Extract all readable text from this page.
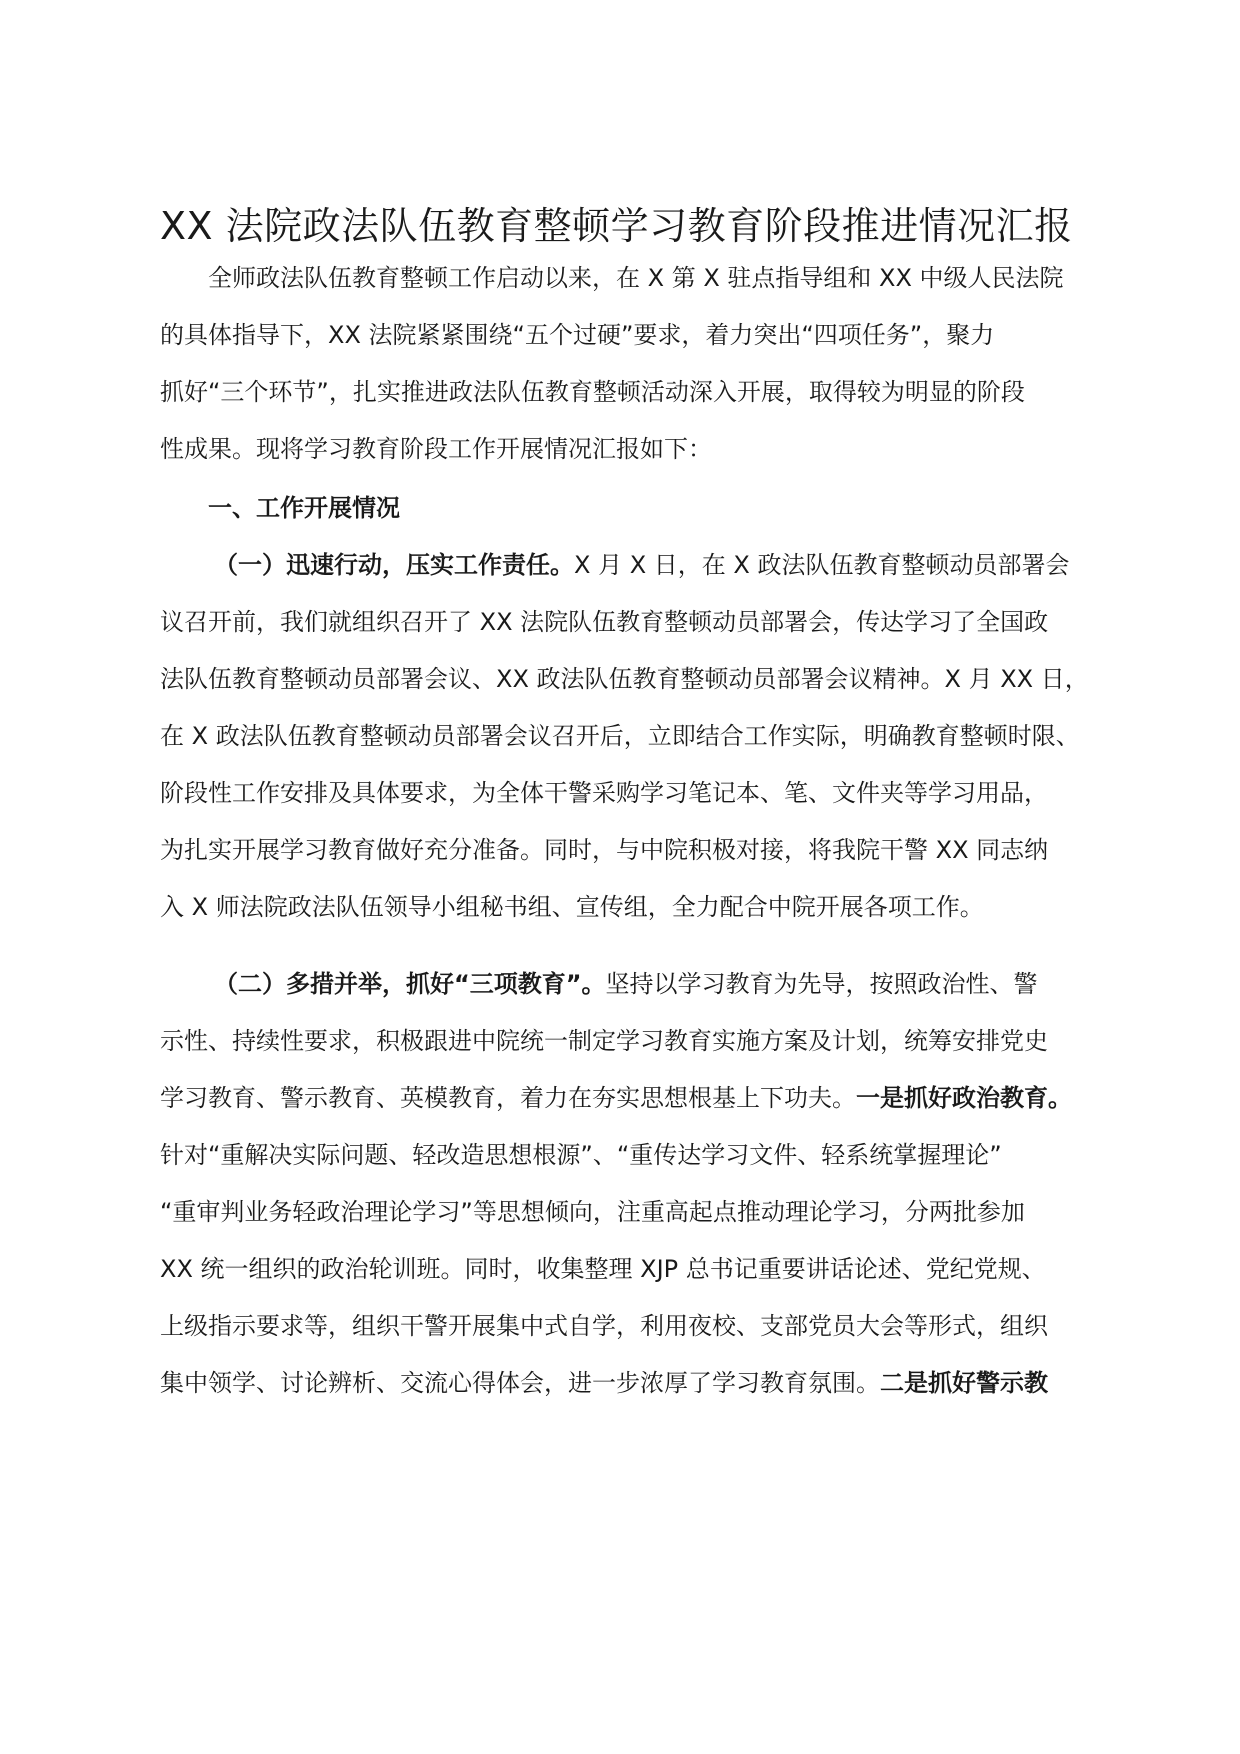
XX 法院政法队伍教育整顿学习教育阶段推进情况汇报
全师政法队伍教育整顿工作启动以来，在 X 第 X 驻点指导组和 XX 中级人民法院
的具体指导下，XX 法院紧紧围绕“五个过硬”要求，着力突出“四项任务”，聚力
抓好“三个环节”，扎实推进政法队伍教育整顿活动深入开展，取得较为明显的阶段
性成果。现将学习教育阶段工作开展情况汇报如下：
一、工作开展情况
（一）迅速行动，压实工作责任。X 月 X 日，在 X 政法队伍教育整顿动员部署会
议召开前，我们就组织召开了 XX 法院队伍教育整顿动员部署会，传达学习了全国政
法队伍教育整顿动员部署会议、XX 政法队伍教育整顿动员部署会议精神。X 月 XX 日，
在 X 政法队伍教育整顿动员部署会议召开后，立即结合工作实际，明确教育整顿时限、
阶段性工作安排及具体要求，为全体干警采购学习笔记本、笔、文件夹等学习用品，
为扎实开展学习教育做好充分准备。同时，与中院积极对接，将我院干警 XX 同志纳
入 X 师法院政法队伍领导小组秘书组、宣传组，全力配合中院开展各项工作。
（二）多措并举，抓好“三项教育”。坚持以学习教育为先导，按照政治性、警
示性、持续性要求，积极跟进中院统一制定学习教育实施方案及计划，统筹安排党史
学习教育、警示教育、英模教育，着力在夯实思想根基上下功夫。一是抓好政治教育。
针对“重解决实际问题、轻改造思想根源”、“重传达学习文件、轻系统掌握理论”
“重审判业务轻政治理论学习”等思想倾向，注重高起点推动理论学习，分两批参加
XX 统一组织的政治轮训班。同时，收集整理 XJP 总书记重要讲话论述、党纪党规、
上级指示要求等，组织干警开展集中式自学，利用夜校、支部党员大会等形式，组织
集中领学、讨论辨析、交流心得体会，进一步浓厚了学习教育氛围。二是抓好警示教
